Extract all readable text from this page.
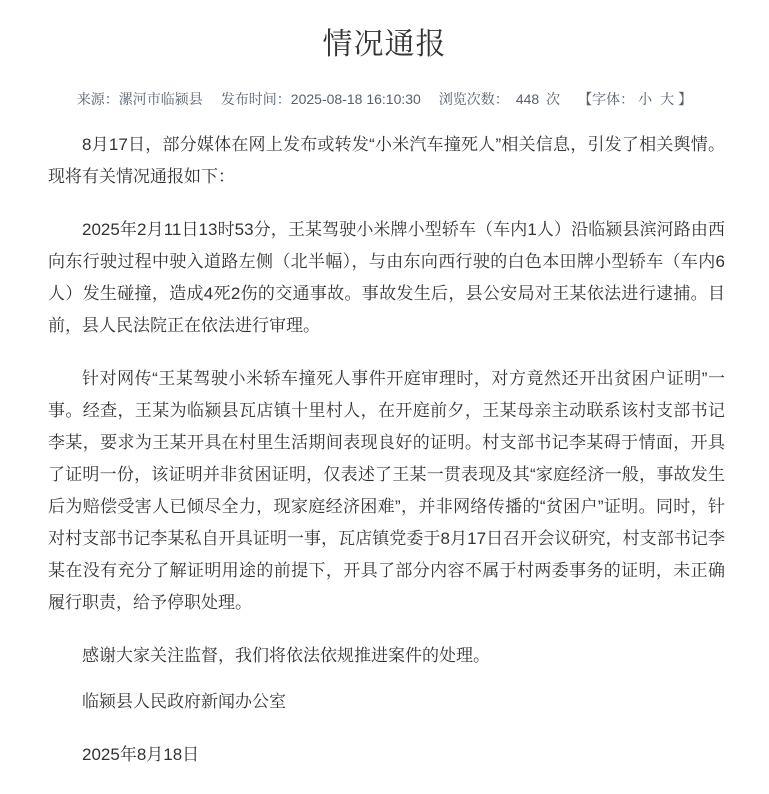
情况通报
来源：漯河市临颍县 发布时间：2025-08-18 16:10:30 浏览次数： 448 次 【字体： 小 大 】

8月17日，部分媒体在网上发布或转发“小米汽车撞死人”相关信息，引发了相关舆情。现将有关情况通报如下：

2025年2月11日13时53分，王某驾驶小米牌小型轿车（车内1人）沿临颍县滨河路由西向东行驶过程中驶入道路左侧（北半幅），与由东向西行驶的白色本田牌小型轿车（车内6人）发生碰撞，造成4死2伤的交通事故。事故发生后，县公安局对王某依法进行逮捕。目前，县人民法院正在依法进行审理。

针对网传“王某驾驶小米轿车撞死人事件开庭审理时，对方竟然还开出贫困户证明”一事。经查，王某为临颍县瓦店镇十里村人，在开庭前夕，王某母亲主动联系该村支部书记李某，要求为王某开具在村里生活期间表现良好的证明。村支部书记李某碍于情面，开具了证明一份，该证明并非贫困证明，仅表述了王某一贯表现及其“家庭经济一般，事故发生后为赔偿受害人已倾尽全力，现家庭经济困难”，并非网络传播的“贫困户”证明。同时，针对村支部书记李某私自开具证明一事，瓦店镇党委于8月17日召开会议研究，村支部书记李某在没有充分了解证明用途的前提下，开具了部分内容不属于村两委事务的证明，未正确履行职责，给予停职处理。

感谢大家关注监督，我们将依法依规推进案件的处理。

临颍县人民政府新闻办公室

2025年8月18日
